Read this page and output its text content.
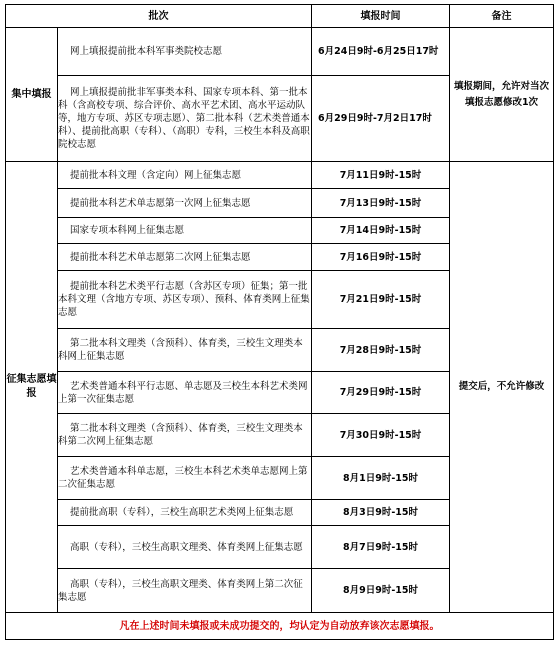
批次		填报时间	备注
集中填报	网上填报提前批本科军事类院校志愿	6月24日9时-6月25日17时	填报期间，允许对当次填报志愿修改1次

	网上填报提前批非军事类本科、国家专项本科、第一批本科（含高校专项、综合评价、高水平艺术团、高水平运动队等，地方专项、苏区专项志愿）、第二批本科（艺术类普通本科）、提前批高职（专科）、（高职）专科，三校生本科及高职院校志愿	6月29日9时-7月2日17时	
征集志愿填报	提前批本科文理（含定向）网上征集志愿	7月11日9时-15时	提交后，不允许修改

	提前批本科艺术单志愿第一次网上征集志愿	7月13日9时-15时	

	国家专项本科网上征集志愿	7月14日9时-15时	

	提前批本科艺术单志愿第二次网上征集志愿	7月16日9时-15时	

	提前批本科艺术类平行志愿（含苏区专项）征集；第一批本科文理（含地方专项、苏区专项）、预科、体育类网上征集志愿	7月21日9时-15时	

	第二批本科文理类（含预科）、体育类，三校生文理类本科网上征集志愿	7月28日9时-15时	

	艺术类普通本科平行志愿、单志愿及三校生本科艺术类网上第一次征集志愿	7月29日9时-15时	

	第二批本科文理类（含预科）、体育类，三校生文理类本科第二次网上征集志愿	7月30日9时-15时	

	艺术类普通本科单志愿，三校生本科艺术类单志愿网上第二次征集志愿	8月1日9时-15时	

	提前批高职（专科），三校生高职艺术类网上征集志愿	8月3日9时-15时	

	高职（专科），三校生高职文理类、体育类网上征集志愿	8月7日9时-15时	

	高职（专科），三校生高职文理类、体育类网上第二次征集志愿	8月9日9时-15时	
凡在上述时间未填报或未成功提交的，均认定为自动放弃该次志愿填报。			
